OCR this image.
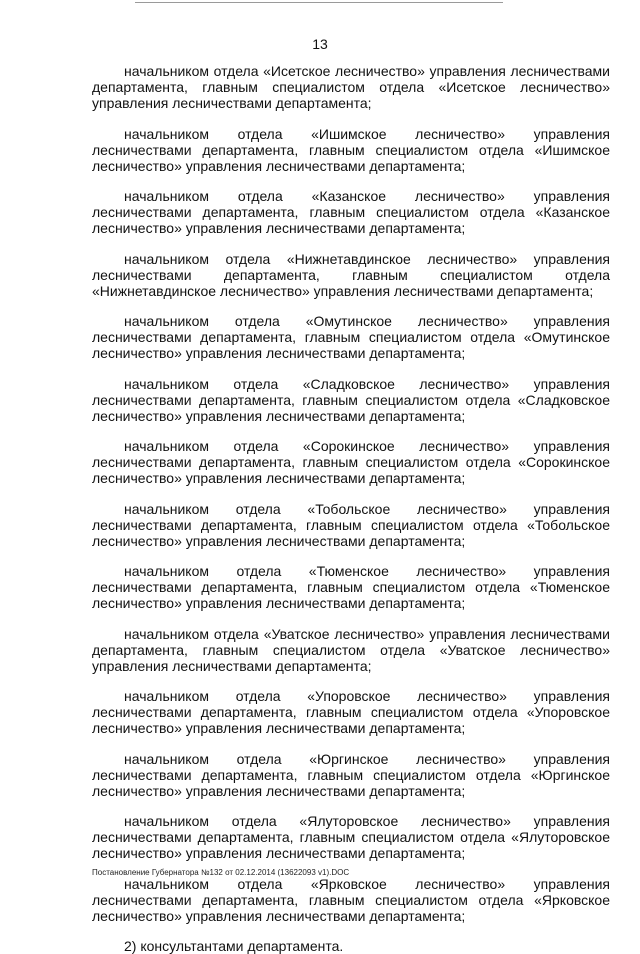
13

начальником отдела «Исетское лесничество» управления лесничествами департамента, главным специалистом отдела «Исетское лесничество» управления лесничествами департамента;

начальником отдела «Ишимское лесничество» управления лесничествами департамента, главным специалистом отдела «Ишимское лесничество» управления лесничествами департамента;

начальником отдела «Казанское лесничество» управления лесничествами департамента, главным специалистом отдела «Казанское лесничество» управления лесничествами департамента;

начальником отдела «Нижнетавдинское лесничество» управления лесничествами департамента, главным специалистом отдела «Нижнетавдинское лесничество» управления лесничествами департамента;

начальником отдела «Омутинское лесничество» управления лесничествами департамента, главным специалистом отдела «Омутинское лесничество» управления лесничествами департамента;

начальником отдела «Сладковское лесничество» управления лесничествами департамента, главным специалистом отдела «Сладковское лесничество» управления лесничествами департамента;

начальником отдела «Сорокинское лесничество» управления лесничествами департамента, главным специалистом отдела «Сорокинское лесничество» управления лесничествами департамента;

начальником отдела «Тобольское лесничество» управления лесничествами департамента, главным специалистом отдела «Тобольское лесничество» управления лесничествами департамента;

начальником отдела «Тюменское лесничество» управления лесничествами департамента, главным специалистом отдела «Тюменское лесничество» управления лесничествами департамента;

начальником отдела «Уватское лесничество» управления лесничествами департамента, главным специалистом отдела «Уватское лесничество» управления лесничествами департамента;

начальником отдела «Упоровское лесничество» управления лесничествами департамента, главным специалистом отдела «Упоровское лесничество» управления лесничествами департамента;

начальником отдела «Юргинское лесничество» управления лесничествами департамента, главным специалистом отдела «Юргинское лесничество» управления лесничествами департамента;

начальником отдела «Ялуторовское лесничество» управления лесничествами департамента, главным специалистом отдела «Ялуторовское лесничество» управления лесничествами департамента;

начальником отдела «Ярковское лесничество» управления лесничествами департамента, главным специалистом отдела «Ярковское лесничество» управления лесничествами департамента;

2) консультантами департамента.

Постановление Губернатора №132 от 02.12.2014 (13622093 v1).DOC
